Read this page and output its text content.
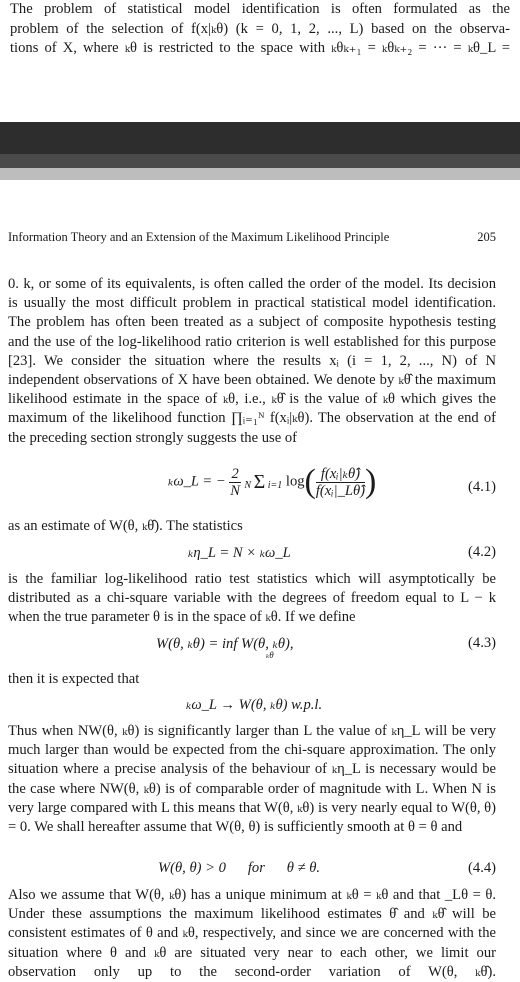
The problem of statistical model identification is often formulated as the

problem of the selection of f(x|ₖθ) (k = 0, 1, 2, ..., L) based on the observa-

tions of X, where ₖθ is restricted to the space with ₖθₖ₊₁ = ₖθₖ₊₂ = ··· = ₖθ_L =

Information Theory and an Extension of the Maximum Likelihood Principle	205

0. k, or some of its equivalents, is often called the order of the model. Its decision is usually the most difficult problem in practical statistical model identification. The problem has often been treated as a subject of composite hypothesis testing and the use of the log-likelihood ratio criterion is well established for this purpose [23]. We consider the situation where the results xᵢ (i = 1, 2, ..., N) of N independent observations of X have been obtained. We denote by ₖθ̂ the maximum likelihood estimate in the space of ₖθ, i.e., ₖθ̂ is the value of ₖθ which gives the maximum of the likelihood function ∏ᵢ₌₁ᴺ f(xᵢ|ₖθ). The observation at the end of the preceding section strongly suggests the use of

ₖω_L = − $\frac{2}{N}$ N Σ i=1 $\log( \frac{\text{f(xᵢ|ₖθ̂)}}{\text{f(xᵢ|\_Lθ̂)}}$ )	(4.1)

as an estimate of W(θ, ₖθ̂). The statistics

ₖη_L = N × ₖω_L	(4.2)

is the familiar log-likelihood ratio test statistics which will asymptotically be distributed as a chi-square variable with the degrees of freedom equal to L − k when the true parameter θ is in the space of ₖθ. If we define

W(θ, ₖθ) = inf W(θ, ₖθ),
ₖθ
(4.3)

then it is expected that

ₖω_L → W(θ, ₖθ) w.p.l.

Thus when NW(θ, ₖθ) is significantly larger than L the value of ₖη_L will be very much larger than would be expected from the chi-square approximation. The only situation where a precise analysis of the behaviour of ₖη_L is necessary would be the case where NW(θ, ₖθ) is of comparable order of magnitude with L. When N is very large compared with L this means that W(θ, ₖθ) is very nearly equal to W(θ, θ) = 0. We shall hereafter assume that W(θ, θ) is sufficiently smooth at θ = θ and

W(θ, θ) > 0      for      θ ≠ θ.	(4.4)

Also we assume that W(θ, ₖθ) has a unique minimum at ₖθ = ₖθ and that _Lθ = θ. Under these assumptions the maximum likelihood estimates θ̂ and ₖθ̂ will be consistent estimates of θ and ₖθ, respectively, and since we are concerned with the situation where θ and ₖθ are situated very near to each other, we limit our observation only up to the second-order variation of W(θ, ₖθ̂).
